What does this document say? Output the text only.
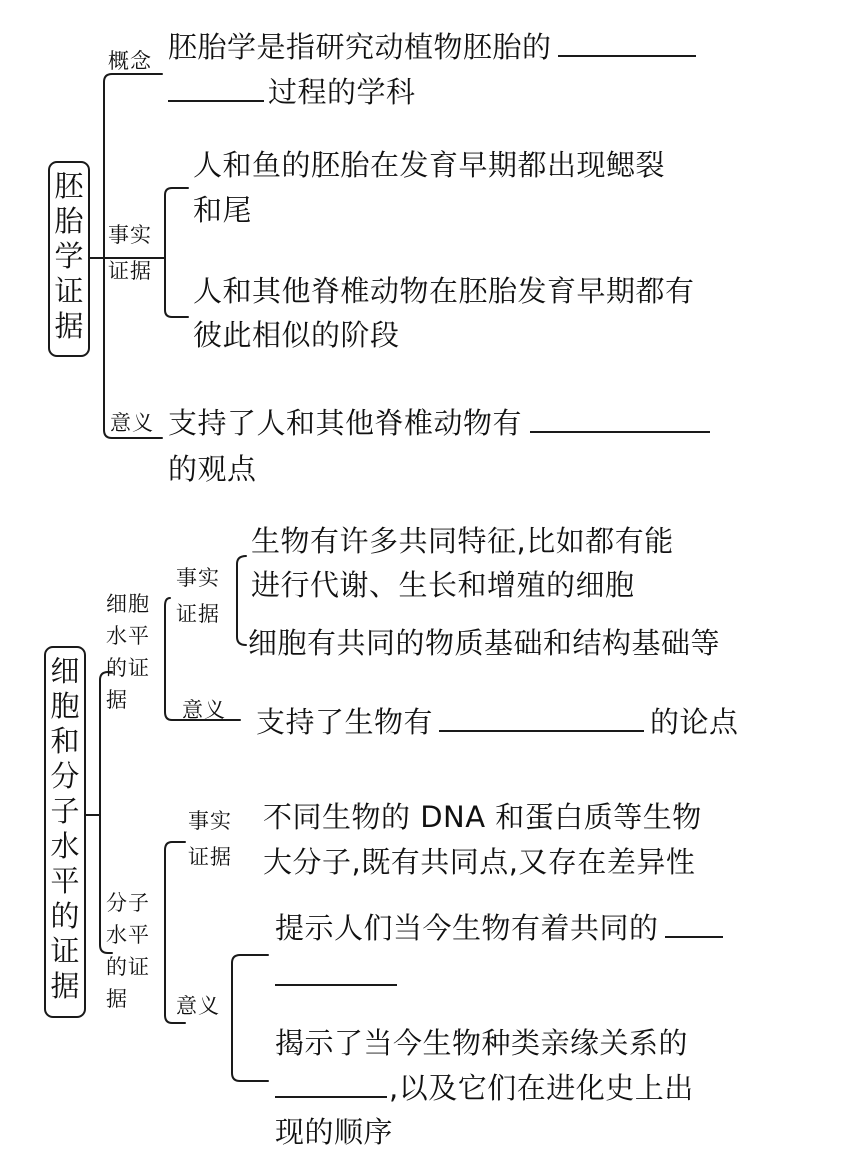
胚
胎
学
证
据

概念 胚胎学是指研究动植物胚胎的

过程的学科

事实
证据

人和鱼的胚胎在发育早期都出现鳃裂

和尾

人和其他脊椎动物在胚胎发育早期都有

彼此相似的阶段

意义 支持了人和其他脊椎动物有

的观点

细
胞
和
分
子
水
平
的
证
据
细胞
水平
的证
据
事实
证据

生物有许多共同特征,比如都有能

进行代谢、生长和增殖的细胞

细胞有共同的物质基础和结构基础等

意义 支持了生物有	的论点

分子
水平
的证
据
事实
证据

不同生物的 DNA 和蛋白质等生物

大分子,既有共同点,又存在差异性

意义

提示人们当今生物有着共同的

揭示了当今生物种类亲缘关系的

,以及它们在进化史上出

现的顺序
